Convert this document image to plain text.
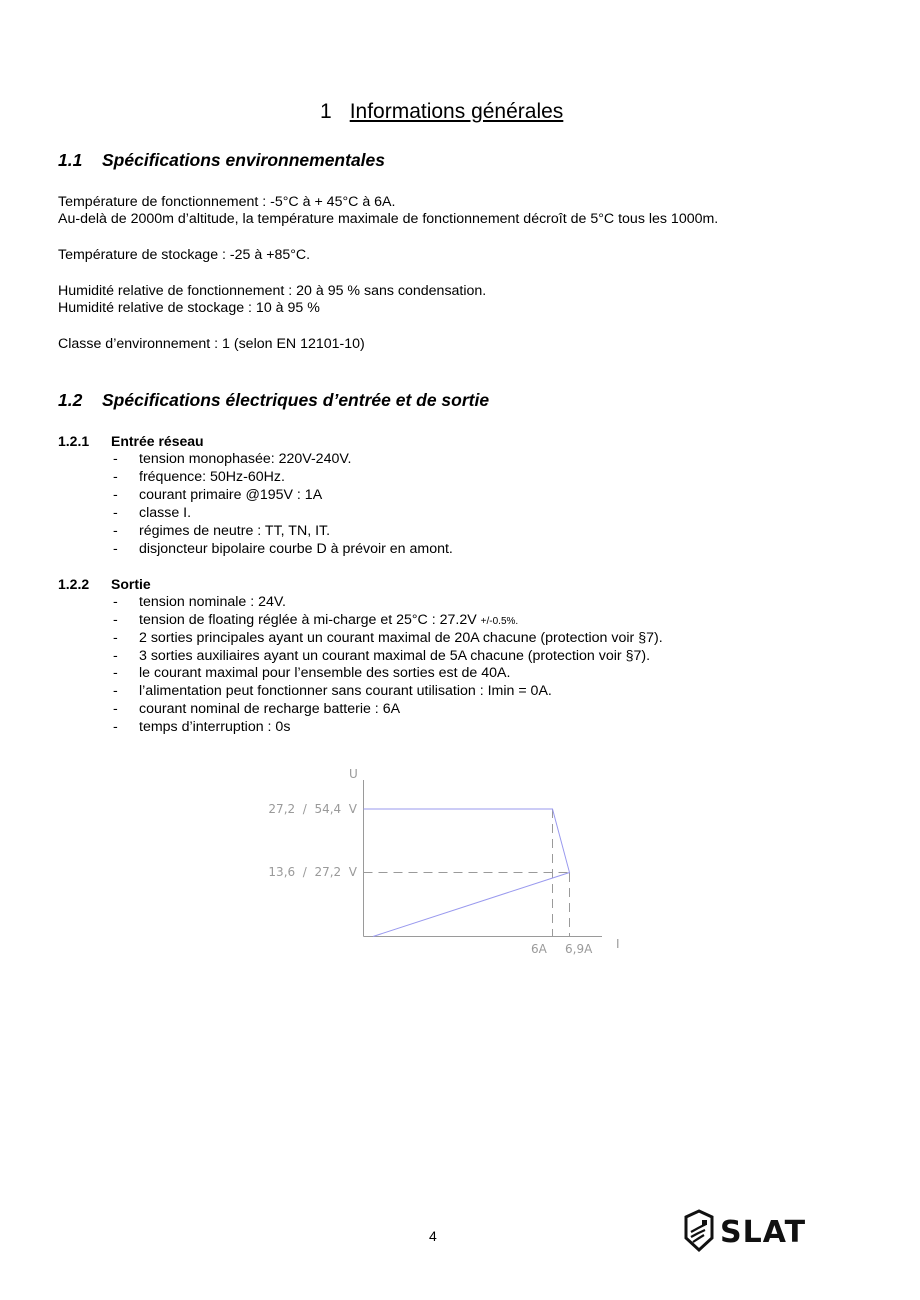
1 Informations générales
1.1 Spécifications environnementales
Température de fonctionnement : -5°C à + 45°C à 6A.
Au-delà de 2000m d’altitude, la température maximale de fonctionnement décroît de 5°C tous les 1000m.
Température de stockage : -25 à +85°C.
Humidité relative de fonctionnement : 20 à 95 % sans condensation.
Humidité relative de stockage : 10 à 95 %
Classe d’environnement : 1 (selon EN 12101-10)
1.2 Spécifications électriques d’entrée et de sortie
1.2.1 Entrée réseau
- tension monophasée: 220V-240V.
- fréquence: 50Hz-60Hz.
- courant primaire @195V : 1A
- classe I.
- régimes de neutre : TT, TN, IT.
- disjoncteur bipolaire courbe D à prévoir en amont.
1.2.2 Sortie
- tension nominale : 24V.
- tension de floating réglée à mi-charge et 25°C : 27.2V +/-0.5%.
- 2 sorties principales ayant un courant maximal de 20A chacune (protection voir §7).
- 3 sorties auxiliaires ayant un courant maximal de 5A chacune (protection voir §7).
- le courant maximal pour l’ensemble des sorties est de 40A.
- l’alimentation peut fonctionner sans courant utilisation : Imin = 0A.
- courant nominal de recharge batterie : 6A
- temps d’interruption : 0s
U
I
27,2  /  54,4  V
13,6  /  27,2  V
6A 6,9A
4	SLAT
